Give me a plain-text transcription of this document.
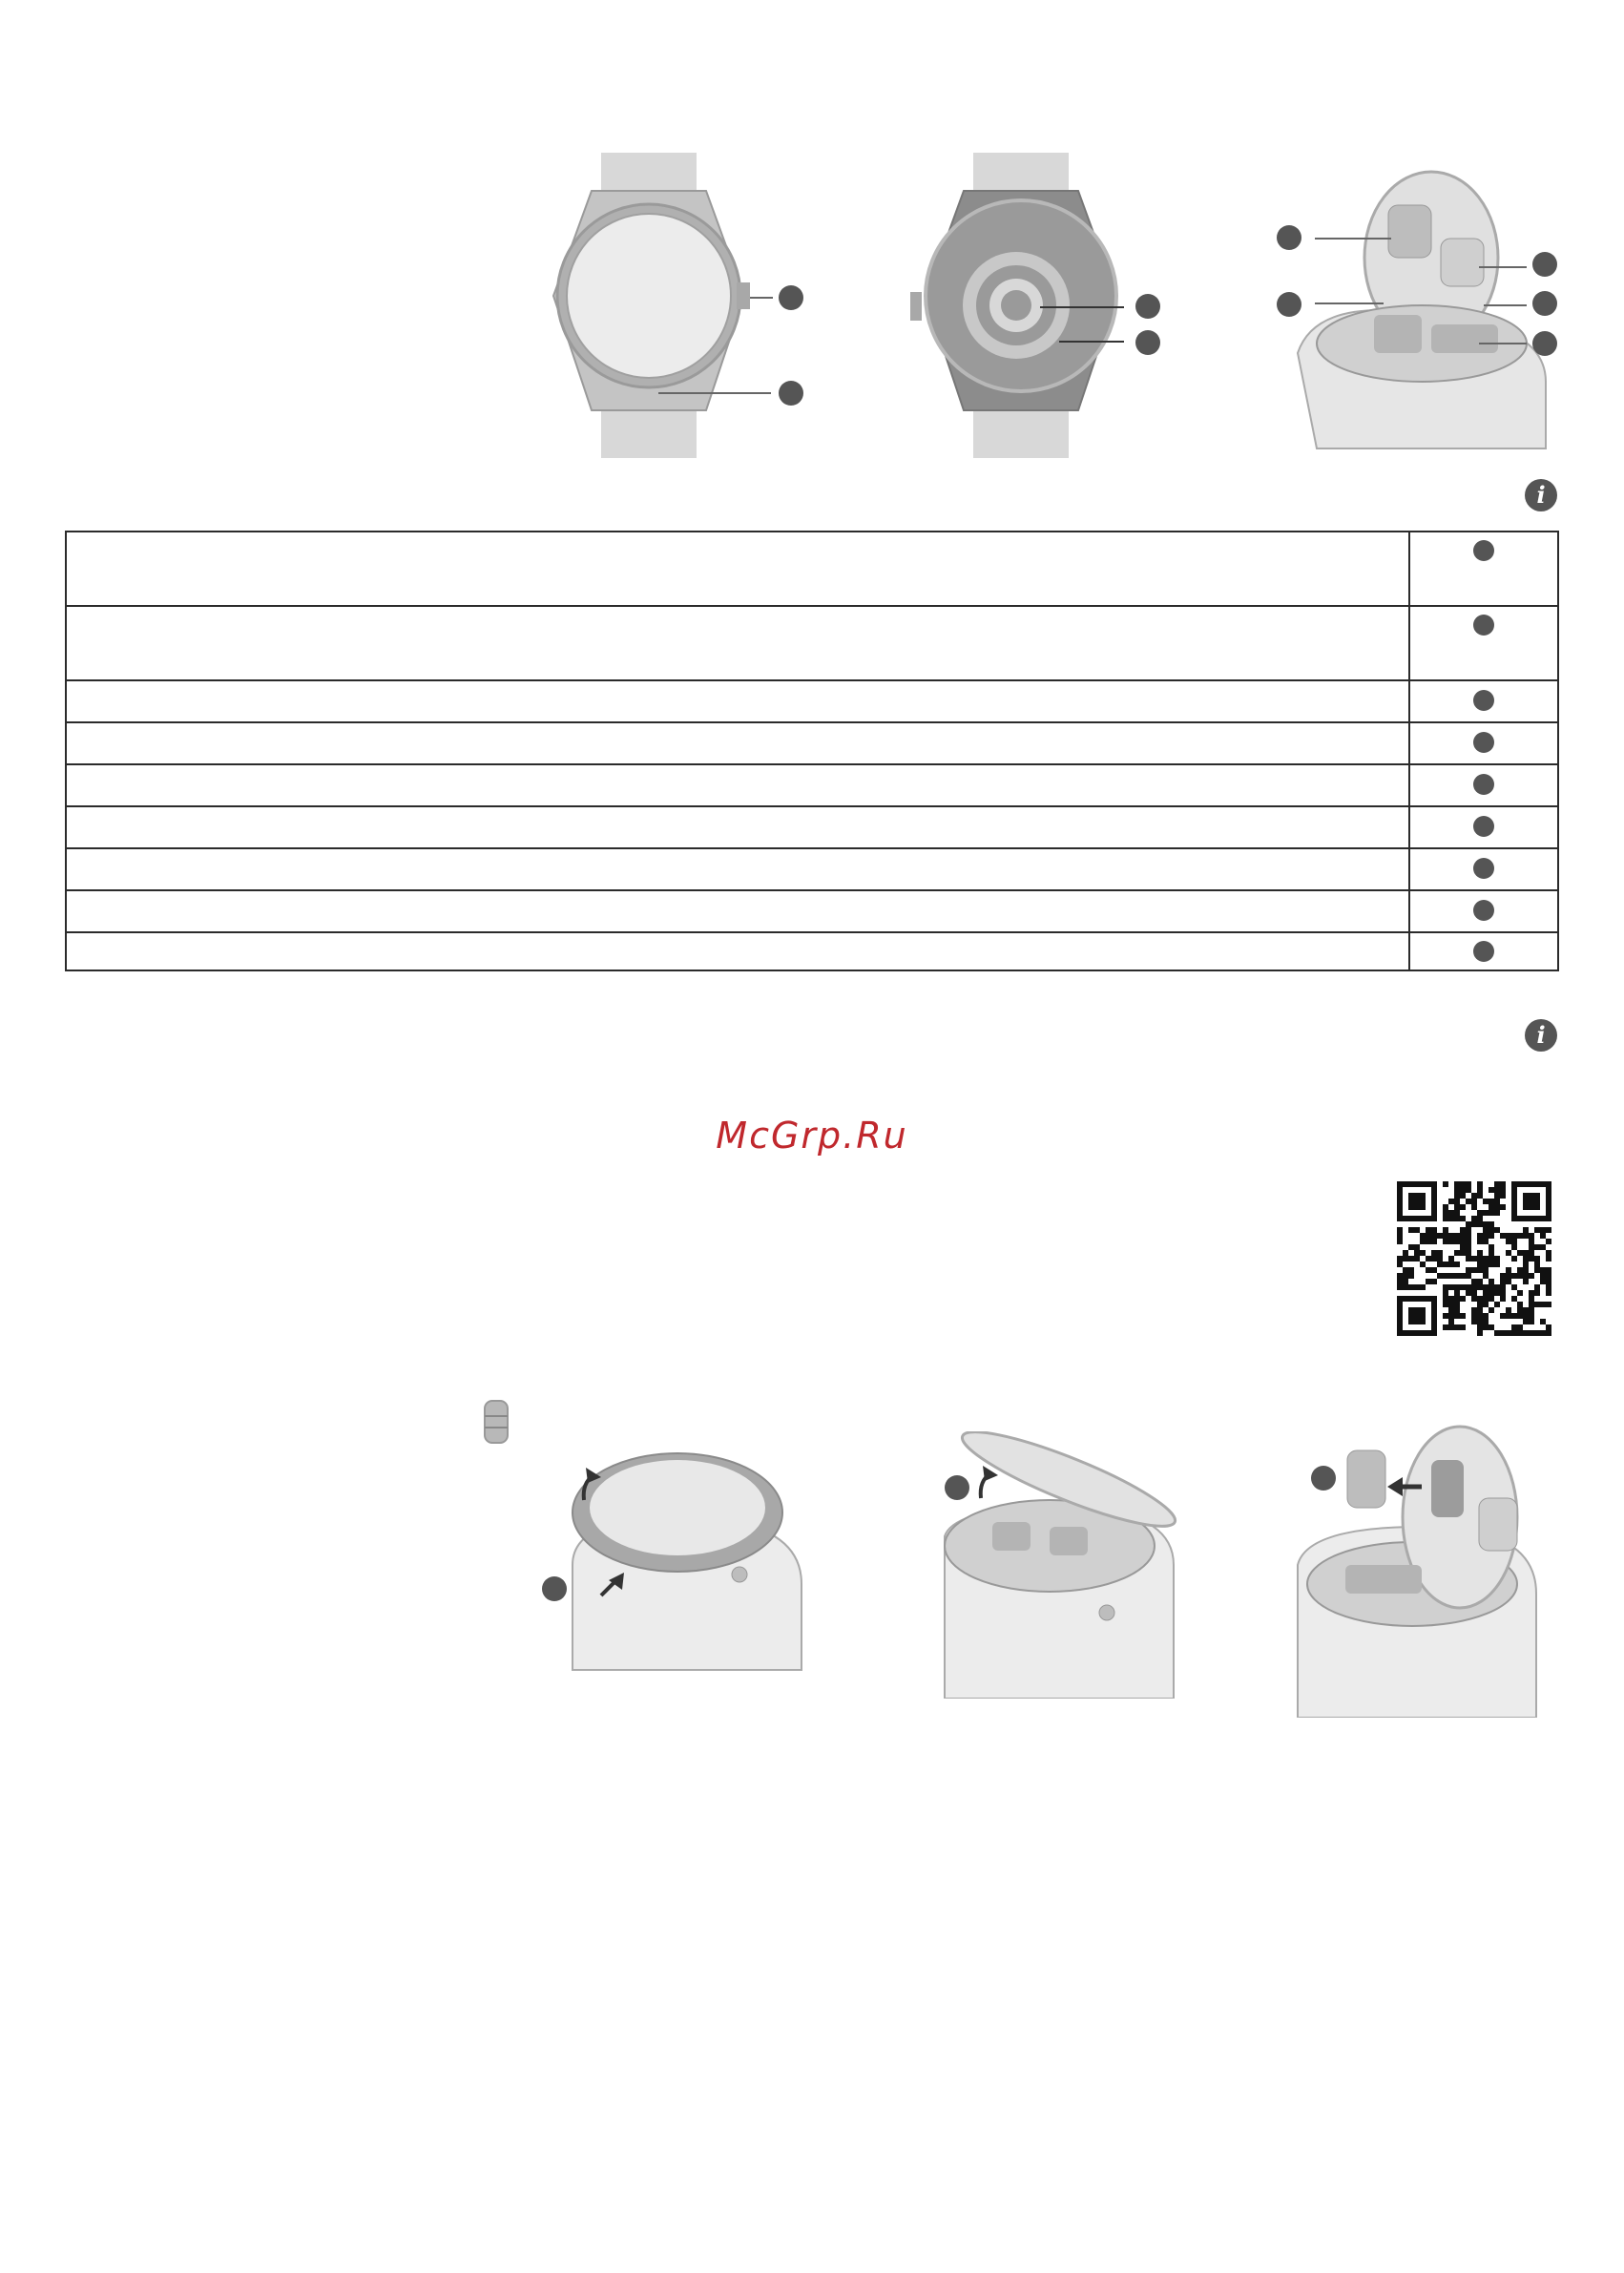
i
i
McGrp.Ru
